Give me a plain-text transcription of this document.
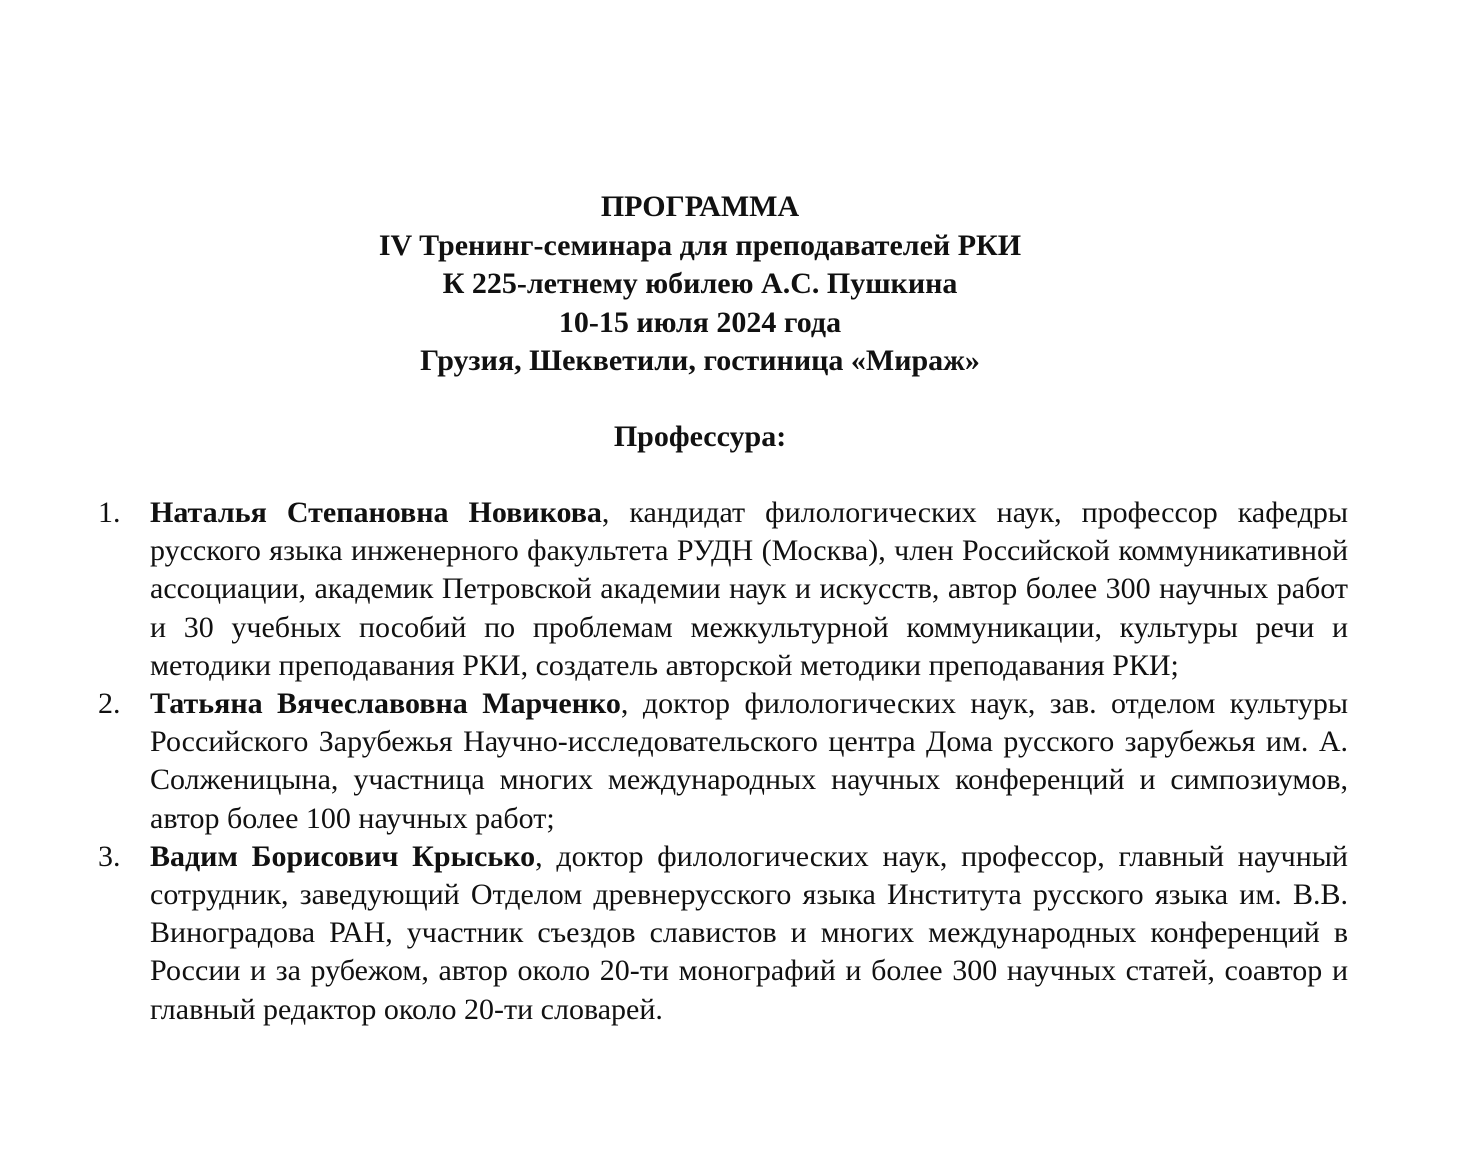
ПРОГРАММА
IV Тренинг-семинара для преподавателей РКИ
К 225-летнему юбилею А.С. Пушкина
10-15 июля 2024 года
Грузия, Шекветили, гостиница «Мираж»
Профессура:
1. Наталья Степановна Новикова, кандидат филологических наук, профессор кафедры русского языка инженерного факультета РУДН (Москва), член Российской коммуникативной ассоциации, академик Петровской академии наук и искусств, автор более 300 научных работ и 30 учебных пособий по проблемам межкультурной коммуникации, культуры речи и методики преподавания РКИ, создатель авторской методики преподавания РКИ;
2. Татьяна Вячеславовна Марченко, доктор филологических наук, зав. отделом культуры Российского Зарубежья Научно-исследовательского центра Дома русского зарубежья им. А. Солженицына, участница многих международных научных конференций и симпозиумов, автор более 100 научных работ;
3. Вадим Борисович Крысько, доктор филологических наук, профессор, главный научный сотрудник, заведующий Отделом древнерусского языка Института русского языка им. В.В. Виноградова РАН, участник съездов славистов и многих международных конференций в России и за рубежом, автор около 20-ти монографий и более 300 научных статей, соавтор и главный редактор около 20-ти словарей.
